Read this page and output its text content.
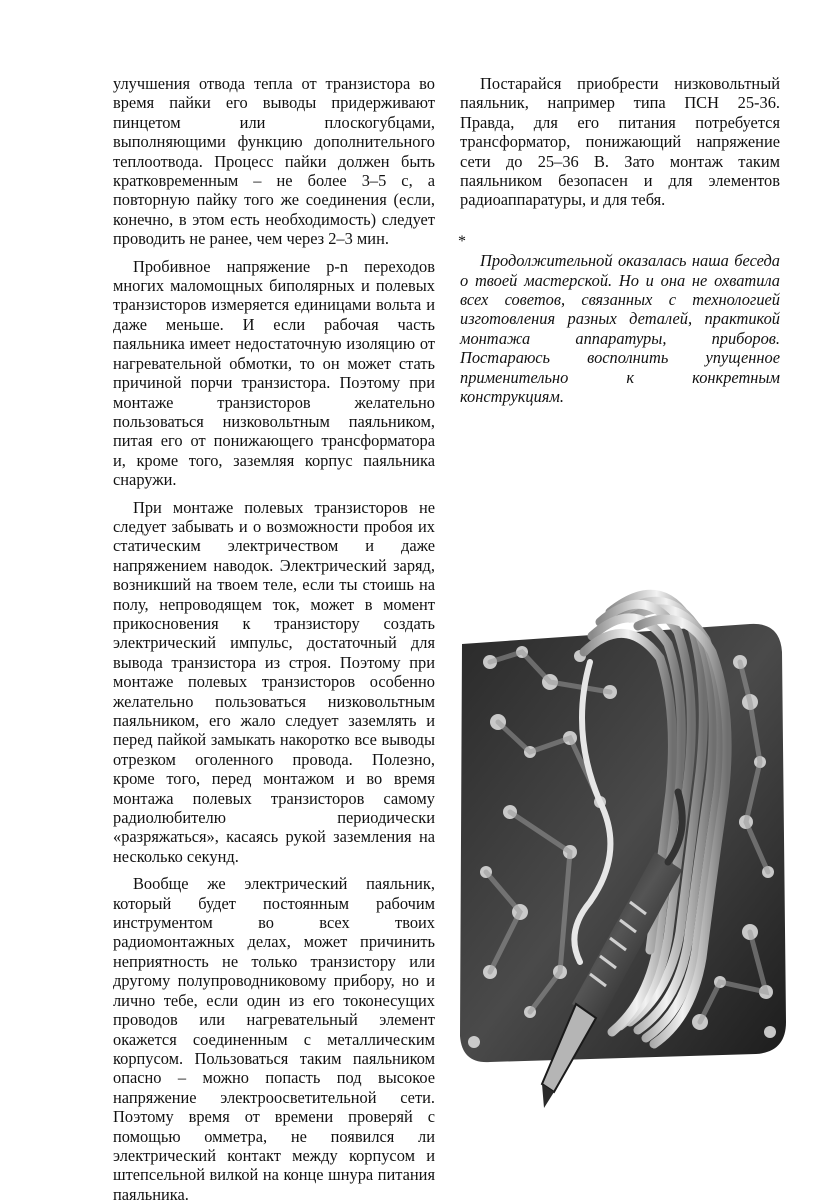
улучшения отвода тепла от транзистора во время пайки его выводы придерживают пинцетом или плоскогубцами, выполняющими функцию дополнительного теплоотвода. Процесс пайки должен быть кратковременным – не более 3–5 с, а повторную пайку того же соединения (если, конечно, в этом есть необходимость) следует проводить не ранее, чем через 2–3 мин.

Пробивное напряжение p-n переходов многих маломощных биполярных и полевых транзисторов измеряется единицами вольта и даже меньше. И если рабочая часть паяльника имеет недостаточную изоляцию от нагревательной обмотки, то он может стать причиной порчи транзистора. Поэтому при монтаже транзисторов желательно пользоваться низковольтным паяльником, питая его от понижающего трансформатора и, кроме того, заземляя корпус паяльника снаружи.

При монтаже полевых транзисторов не следует забывать и о возможности пробоя их статическим электричеством и даже напряжением наводок. Электрический заряд, возникший на твоем теле, если ты стоишь на полу, непроводящем ток, может в момент прикосновения к транзистору создать электрический импульс, достаточный для вывода транзистора из строя. Поэтому при монтаже полевых транзисторов особенно желательно пользоваться низковольтным паяльником, его жало следует заземлять и перед пайкой замыкать накоротко все выводы отрезком оголенного провода. Полезно, кроме того, перед монтажом и во время монтажа полевых транзисторов самому радиолюбителю периодически «разряжаться», касаясь рукой заземления на несколько секунд.

Вообще же электрический паяльник, который будет постоянным рабочим инструментом во всех твоих радиомонтажных делах, может причинить неприятность не только транзистору или другому полупроводниковому прибору, но и лично тебе, если один из его токонесущих проводов или нагревательный элемент окажется соединенным с металлическим корпусом. Пользоваться таким паяльником опасно – можно попасть под высокое напряжение электроосветительной сети. Поэтому время от времени проверяй с помощью омметра, не появился ли электрический контакт между корпусом и штепсельной вилкой на конце шнура питания паяльника.

Постарайся приобрести низковольтный паяльник, например типа ПСН 25-36. Правда, для его питания потребуется трансформатор, понижающий напряжение сети до 25–36 В. Зато монтаж таким паяльником безопасен и для элементов радиоаппаратуры, и для тебя.

*

Продолжительной оказалась наша беседа о твоей мастерской. Но и она не охватила всех советов, связанных с технологией изготовления разных деталей, практикой монтажа аппаратуры, приборов. Постараюсь восполнить упущенное применительно к конкретным конструкциям.
